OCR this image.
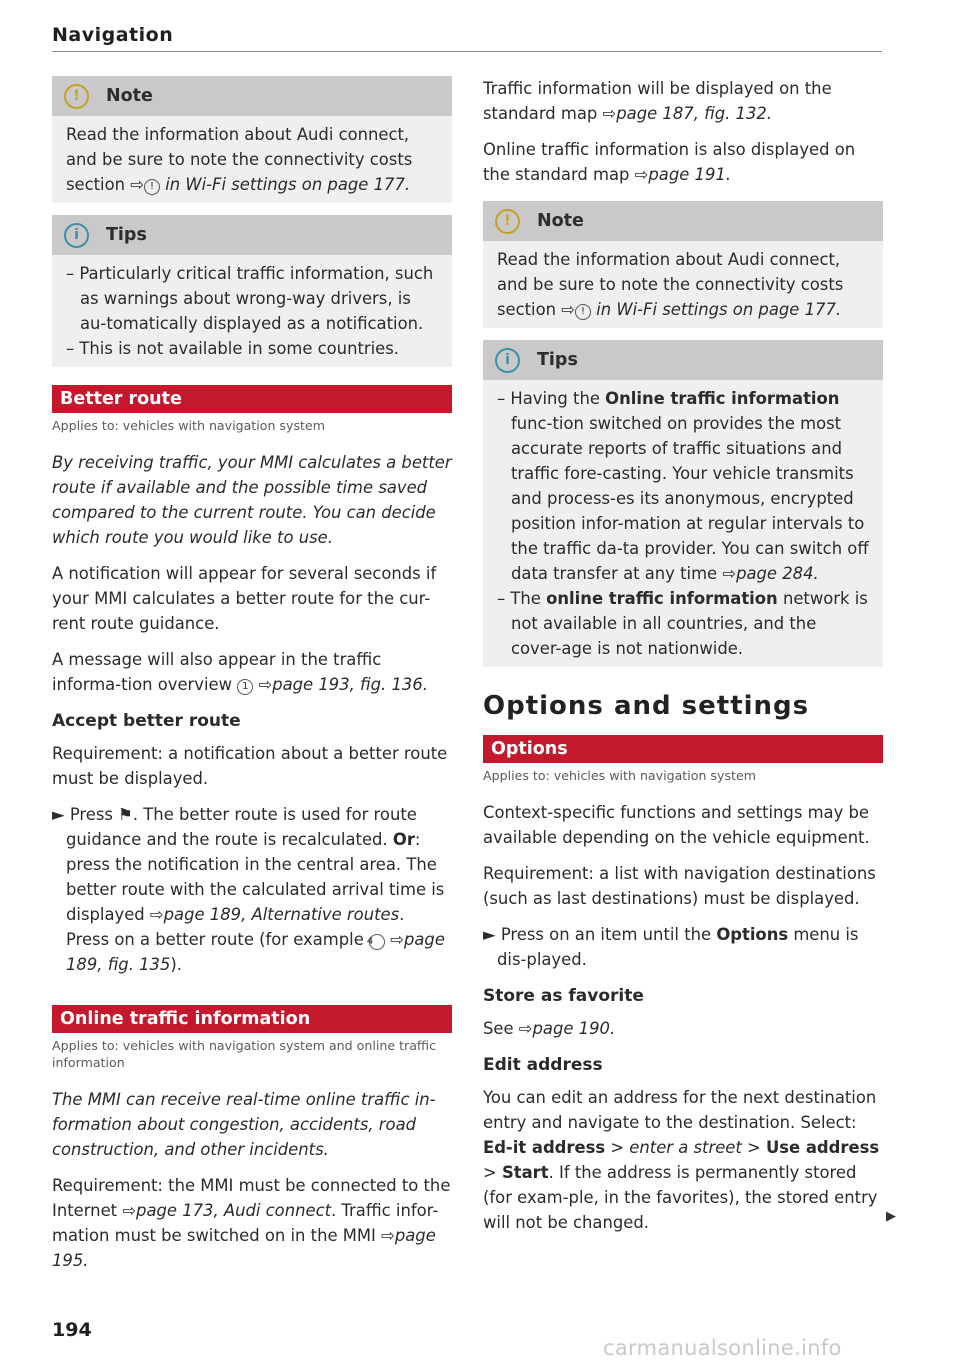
Navigation
!	Note
Read the information about Audi connect, and be sure to note the connectivity costs section ⇨ ! in Wi-Fi settings on page 177.
i	Tips
– Particularly critical traffic information, such as warnings about wrong-way drivers, is au-tomatically displayed as a notification.
– This is not available in some countries.
Better route
Applies to: vehicles with navigation system

By receiving traffic, your MMI calculates a better route if available and the possible time saved compared to the current route. You can decide which route you would like to use.

A notification will appear for several seconds if your MMI calculates a better route for the cur-rent route guidance.

A message will also appear in the traffic informa-tion overview 1 ⇨page 193, fig. 136.

Accept better route

Requirement: a notification about a better route must be displayed.

► Press ⚑. The better route is used for route guidance and the route is recalculated. Or: press the notification in the central area. The better route with the calculated arrival time is displayed ⇨page 189, Alternative routes. Press on a better route (for example 4 ⇨page 189, fig. 135).

Online traffic information
Applies to: vehicles with navigation system and online traffic information

The MMI can receive real-time online traffic in-formation about congestion, accidents, road construction, and other incidents.

Requirement: the MMI must be connected to the Internet ⇨page 173, Audi connect. Traffic infor-mation must be switched on in the MMI ⇨page 195.

Traffic information will be displayed on the standard map ⇨page 187, fig. 132.

Online traffic information is also displayed on the standard map ⇨page 191.

!	Note
Read the information about Audi connect, and be sure to note the connectivity costs section ⇨ ! in Wi-Fi settings on page 177.
i	Tips
– Having the Online traffic information func-tion switched on provides the most accurate reports of traffic situations and traffic fore-casting. Your vehicle transmits and process-es its anonymous, encrypted position infor-mation at regular intervals to the traffic da-ta provider. You can switch off data transfer at any time ⇨page 284.
– The online traffic information network is not available in all countries, and the cover-age is not nationwide.
Options and settings
Options
Applies to: vehicles with navigation system

Context-specific functions and settings may be available depending on the vehicle equipment.

Requirement: a list with navigation destinations (such as last destinations) must be displayed.

► Press on an item until the Options menu is dis-played.

Store as favorite

See ⇨page 190.

Edit address

You can edit an address for the next destination entry and navigate to the destination. Select: Ed-it address > enter a street > Use address > Start. If the address is permanently stored (for exam-ple, in the favorites), the stored entry will not be changed.	▶
194
carmanualsonline.info
